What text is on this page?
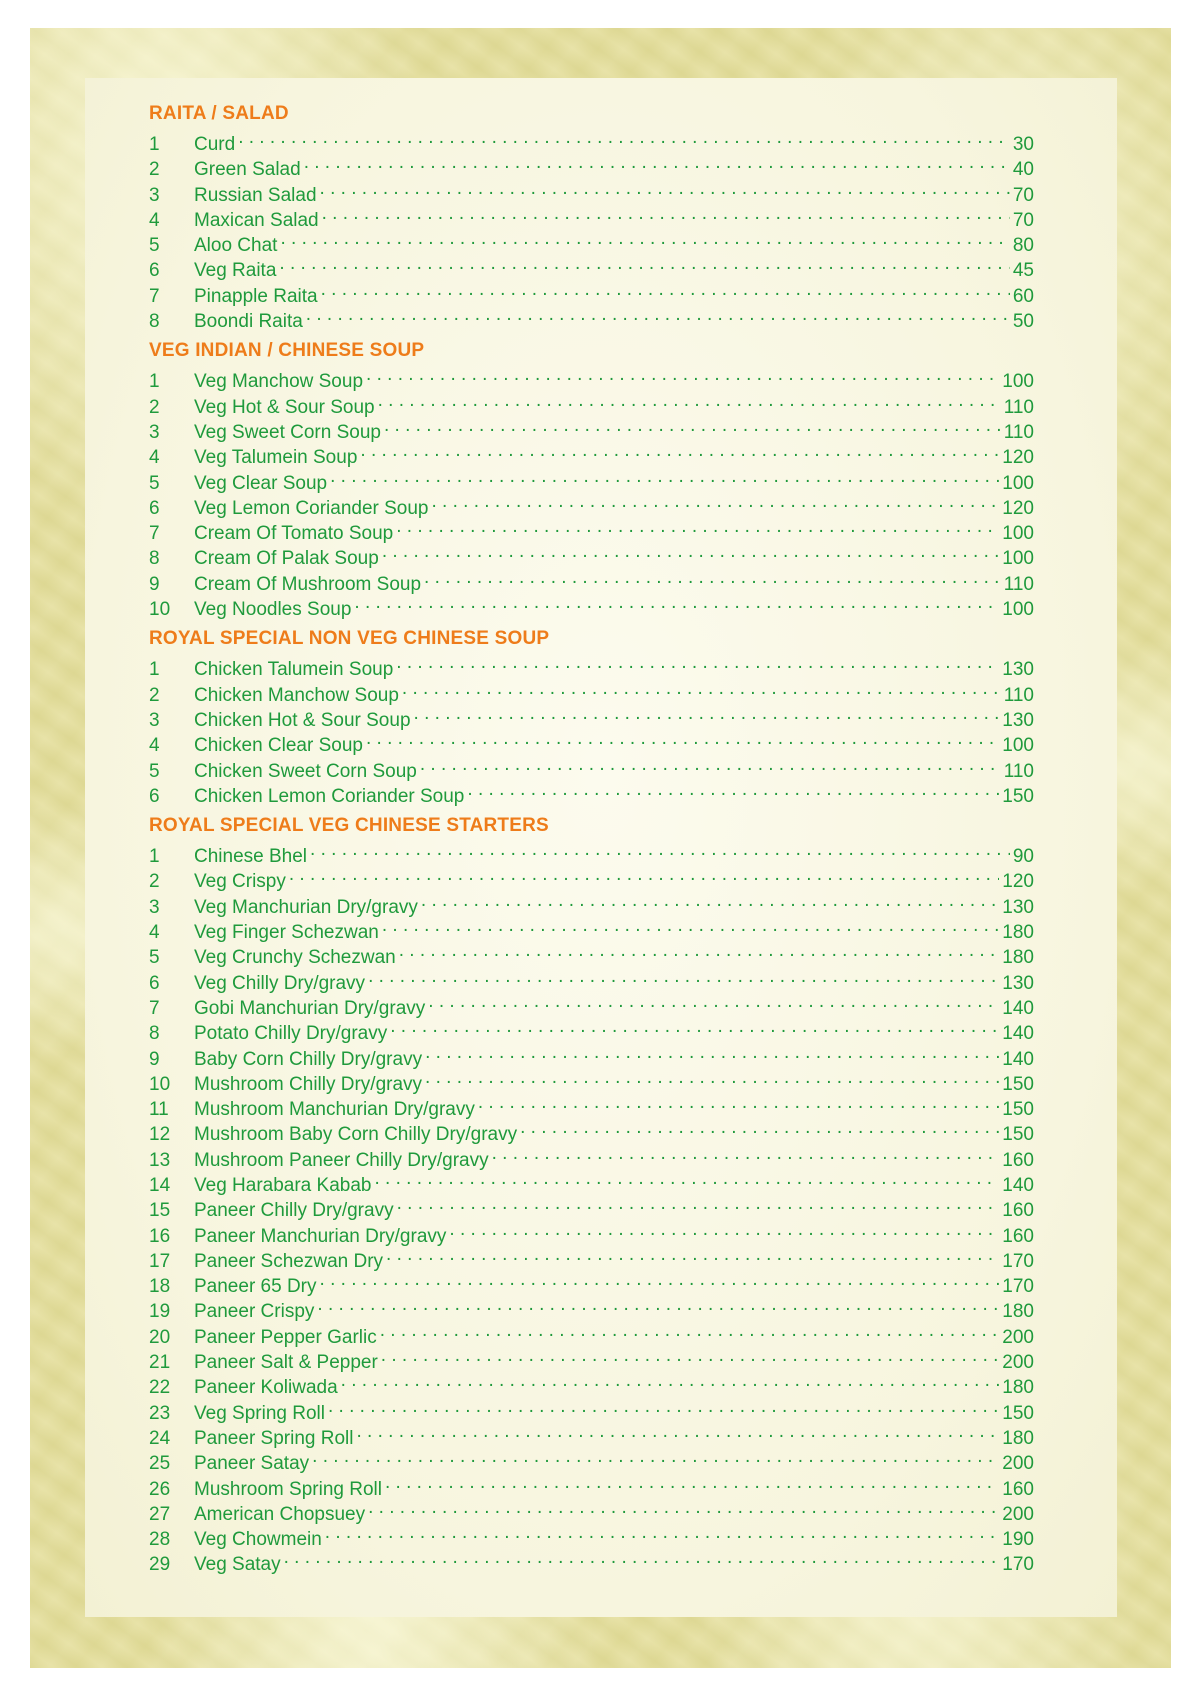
RAITA / SALAD
1	Curd . . .	30
2	Green Salad . . .	40
3	Russian Salad . . .	70
4	Maxican Salad . . .	70
5	Aloo Chat . . .	80
6	Veg Raita . . .	45
7	Pinapple Raita . . .	60
8	Boondi Raita . . .	50
VEG INDIAN / CHINESE SOUP
1	Veg Manchow Soup . . .	100
2	Veg Hot & Sour Soup . . .	110
3	Veg Sweet Corn Soup . . .	110
4	Veg Talumein Soup . . .	120
5	Veg Clear Soup . . .	100
6	Veg Lemon Coriander Soup . . .	120
7	Cream Of Tomato Soup . . .	100
8	Cream Of Palak Soup . . .	100
9	Cream Of Mushroom Soup . . .	110
10	Veg Noodles Soup . . .	100
ROYAL SPECIAL NON VEG CHINESE SOUP
1	Chicken Talumein Soup . . .	130
2	Chicken Manchow Soup . . .	110
3	Chicken Hot & Sour Soup . . .	130
4	Chicken Clear Soup . . .	100
5	Chicken Sweet Corn Soup . . .	110
6	Chicken Lemon Coriander Soup . . .	150
ROYAL SPECIAL VEG CHINESE STARTERS
1	Chinese Bhel . . .	90
2	Veg Crispy . . .	120
3	Veg Manchurian Dry/gravy . . .	130
4	Veg Finger Schezwan . . .	180
5	Veg Crunchy Schezwan . . .	180
6	Veg Chilly Dry/gravy . . .	130
7	Gobi Manchurian Dry/gravy . . .	140
8	Potato Chilly Dry/gravy . . .	140
9	Baby Corn Chilly Dry/gravy . . .	140
10	Mushroom Chilly Dry/gravy . . .	150
11	Mushroom Manchurian Dry/gravy . . .	150
12	Mushroom Baby Corn Chilly Dry/gravy . . .	150
13	Mushroom Paneer Chilly Dry/gravy . . .	160
14	Veg Harabara Kabab . . .	140
15	Paneer Chilly Dry/gravy . . .	160
16	Paneer Manchurian Dry/gravy . . .	160
17	Paneer Schezwan Dry . . .	170
18	Paneer 65 Dry . . .	170
19	Paneer Crispy . . .	180
20	Paneer Pepper Garlic . . .	200
21	Paneer Salt & Pepper . . .	200
22	Paneer Koliwada . . .	180
23	Veg Spring Roll . . .	150
24	Paneer Spring Roll . . .	180
25	Paneer Satay . . .	200
26	Mushroom Spring Roll . . .	160
27	American Chopsuey . . .	200
28	Veg Chowmein . . .	190
29	Veg Satay . . .	170
